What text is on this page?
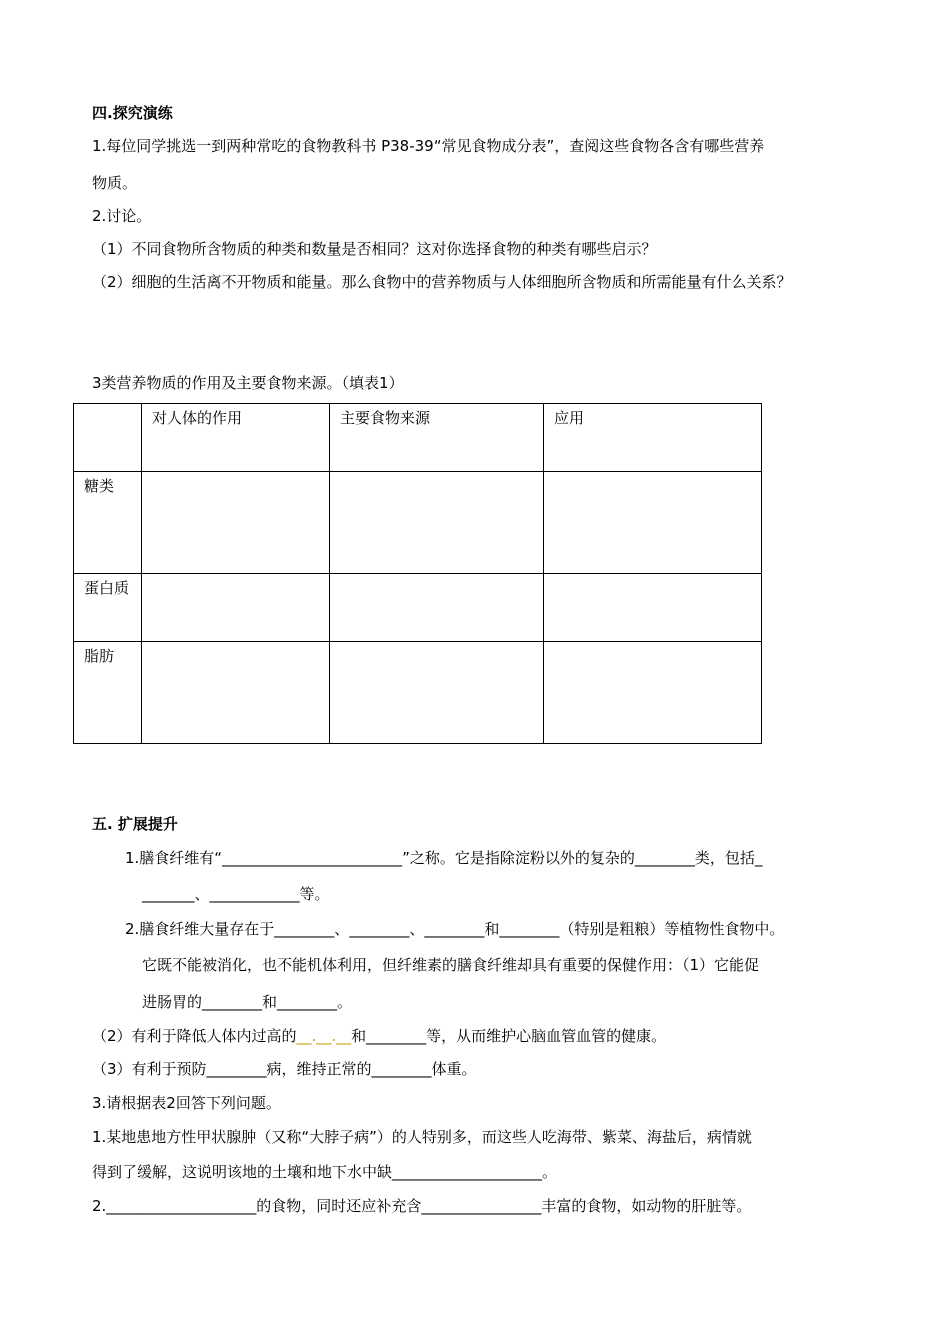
四.探究演练
1.每位同学挑选一到两种常吃的食物教科书 P38-39“常见食物成分表”，查阅这些食物各含有哪些营养
物质。
2.讨论。
（1）不同食物所含物质的种类和数量是否相同？这对你选择食物的种类有哪些启示？
（2）细胞的生活离不开物质和能量。那么食物中的营养物质与人体细胞所含物质和所需能量有什么关系？
3类营养物质的作用及主要食物来源。（填表1）
	对人体的作用	主要食物来源	应用
糖类			
蛋白质			
脂肪			
五. 扩展提升
1.膳食纤维有“________________________”之称。它是指除淀粉以外的复杂的________类，包括_
_______、____________等。
2.膳食纤维大量存在于________、________、________和________（特别是粗粮）等植物性食物中。
它既不能被消化，也不能机体利用，但纤维素的膳食纤维却具有重要的保健作用：（1）它能促
进肠胃的________和________。
（2）有利于降低人体内过高的__.__.__和________等，从而维护心脑血管血管的健康。
（3）有利于预防________病，维持正常的________体重。
3.请根据表2回答下列问题。
1.某地患地方性甲状腺肿（又称“大脖子病”）的人特别多，而这些人吃海带、紫菜、海盐后，病情就
得到了缓解，这说明该地的土壤和地下水中缺____________________。
2.____________________的食物，同时还应补充含________________丰富的食物，如动物的肝脏等。
